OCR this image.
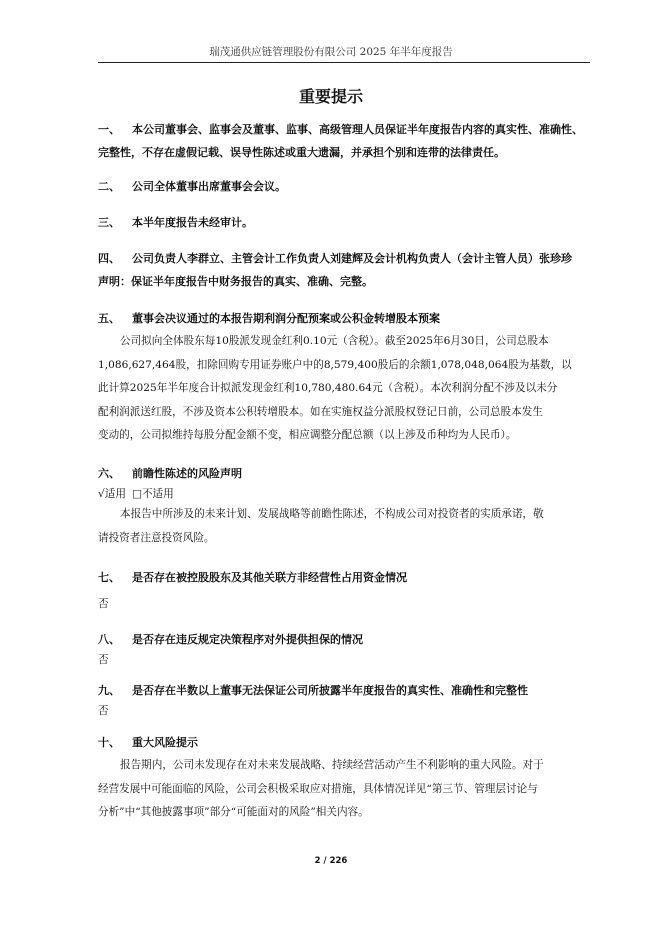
瑞茂通供应链管理股份有限公司 2025 年半年度报告
重要提示
一、 本公司董事会、监事会及董事、监事、高级管理人员保证半年度报告内容的真实性、准确性、
完整性，不存在虚假记载、误导性陈述或重大遗漏，并承担个别和连带的法律责任。
二、 公司全体董事出席董事会会议。
三、 本半年度报告未经审计。
四、 公司负责人李群立、主管会计工作负责人刘建辉及会计机构负责人（会计主管人员）张珍珍
声明：保证半年度报告中财务报告的真实、准确、完整。
五、 董事会决议通过的本报告期利润分配预案或公积金转增股本预案
公司拟向全体股东每10股派发现金红利0.10元（含税）。截至2025年6月30日，公司总股本
1,086,627,464股，扣除回购专用证券账户中的8,579,400股后的余额1,078,048,064股为基数，以
此计算2025年半年度合计拟派发现金红利10,780,480.64元（含税）。本次利润分配不涉及以未分
配利润派送红股，不涉及资本公积转增股本。如在实施权益分派股权登记日前，公司总股本发生
变动的，公司拟维持每股分配金额不变，相应调整分配总额（以上涉及币种均为人民币）。
六、 前瞻性陈述的风险声明
√适用 □不适用
本报告中所涉及的未来计划、发展战略等前瞻性陈述，不构成公司对投资者的实质承诺，敬
请投资者注意投资风险。
七、 是否存在被控股股东及其他关联方非经营性占用资金情况
否
八、 是否存在违反规定决策程序对外提供担保的情况
否
九、 是否存在半数以上董事无法保证公司所披露半年度报告的真实性、准确性和完整性
否
十、 重大风险提示
报告期内，公司未发现存在对未来发展战略、持续经营活动产生不利影响的重大风险。对于
经营发展中可能面临的风险，公司会积极采取应对措施，具体情况详见“第三节、管理层讨论与
分析”中“其他披露事项”部分“可能面对的风险”相关内容。
2 / 226
